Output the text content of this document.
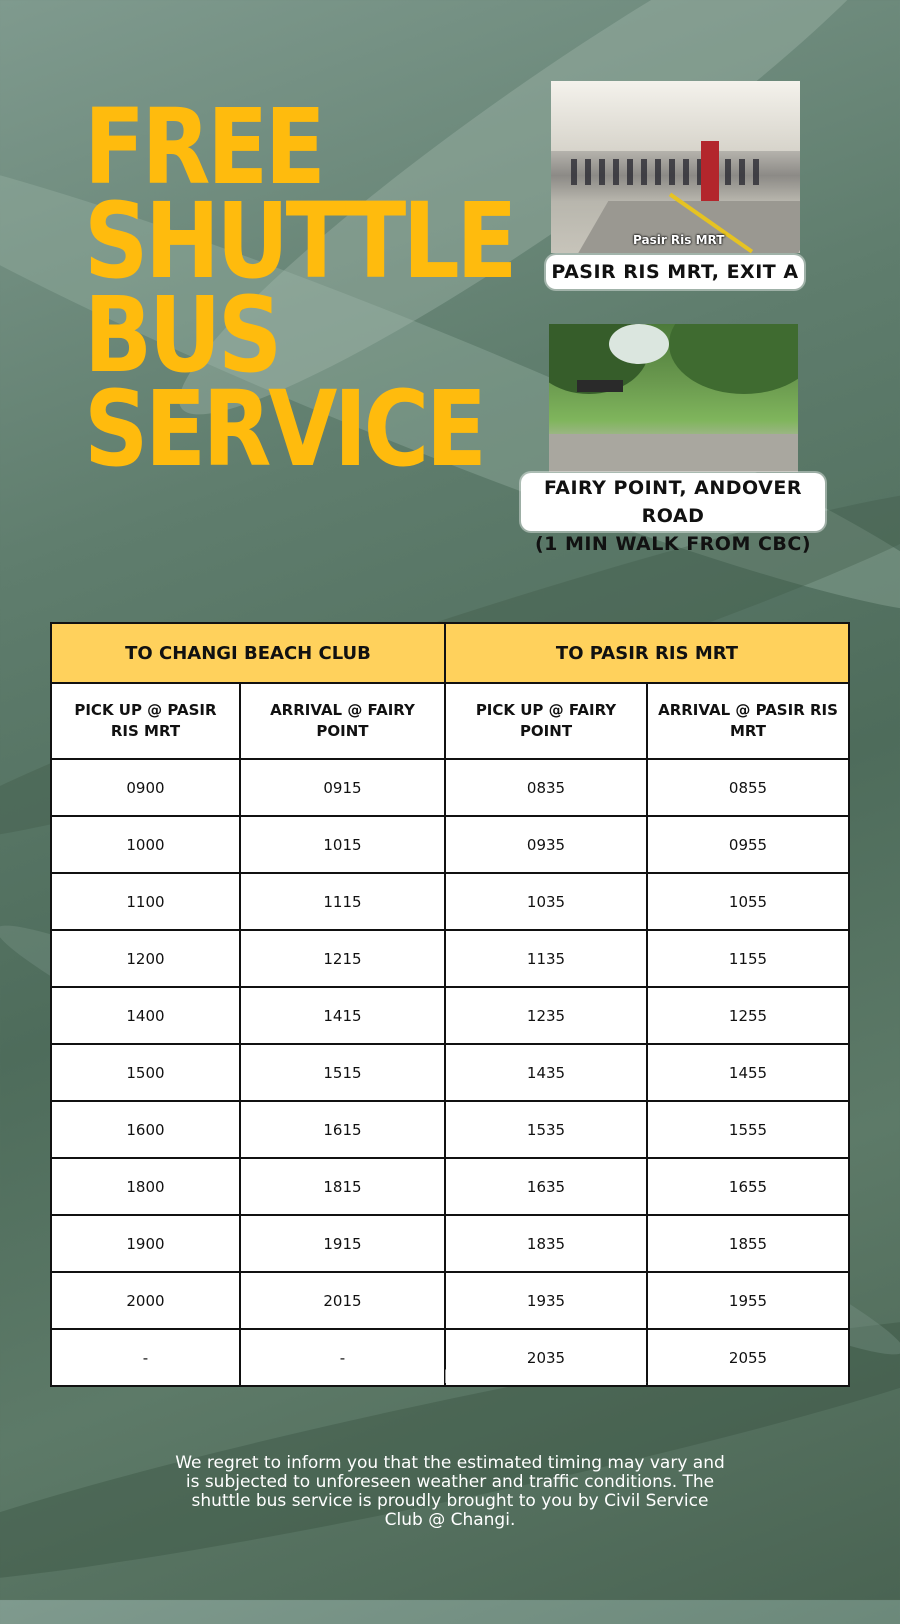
FREE
SHUTTLE
BUS
SERVICE
Pasir Ris MRT
PASIR RIS MRT, EXIT A
FAIRY POINT, ANDOVER ROAD
(1 MIN WALK FROM CBC)
TO CHANGI BEACH CLUB		TO PASIR RIS MRT	
PICK UP @ PASIR RIS MRT	ARRIVAL @ FAIRY POINT	PICK UP @ FAIRY POINT	ARRIVAL @ PASIR RIS MRT
0900	0915	0835	0855
1000	1015	0935	0955
1100	1115	1035	1055
1200	1215	1135	1155
1400	1415	1235	1255
1500	1515	1435	1455
1600	1615	1535	1555
1800	1815	1635	1655
1900	1915	1835	1855
2000	2015	1935	1955
-	-	2035	2055
PLEASE ARRIVE 5 MINUTES PRIOR TO DEPARTURE TIME
We regret to inform you that the estimated timing may vary and is subjected to unforeseen weather and traffic conditions. The shuttle bus service is proudly brought to you by Civil Service Club @ Changi.
